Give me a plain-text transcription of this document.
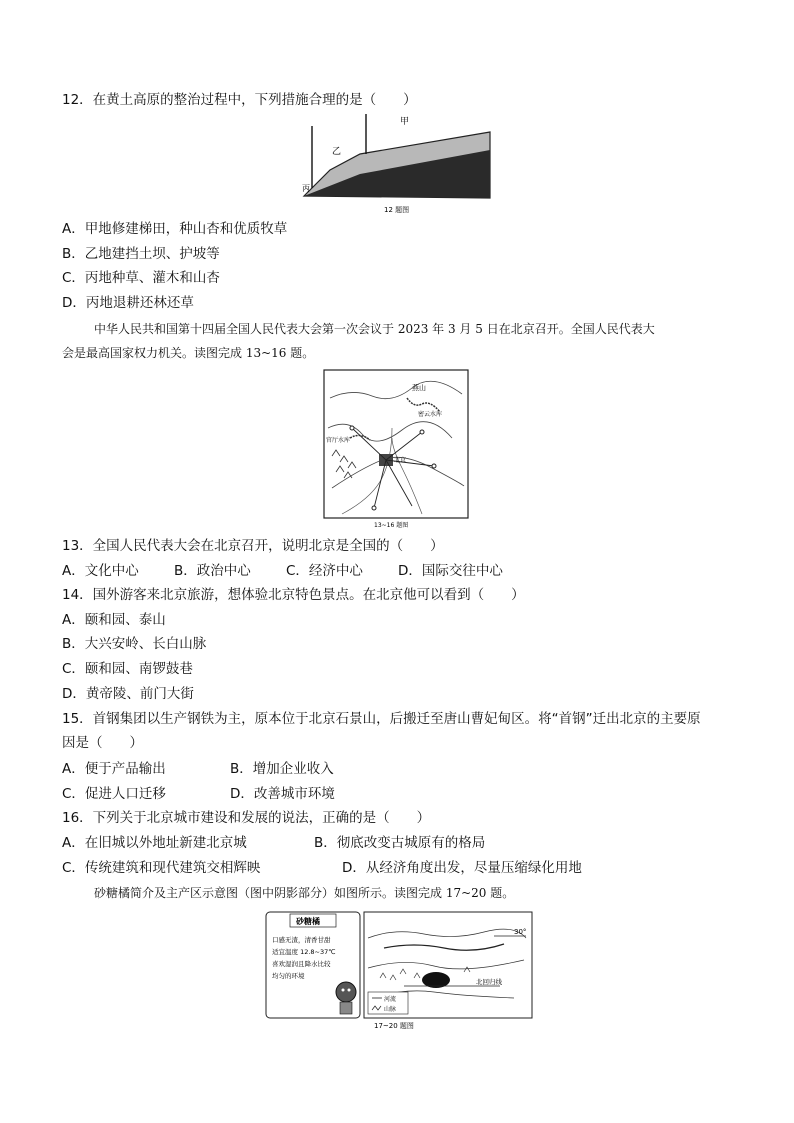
12．在黄土高原的整治过程中，下列措施合理的是（　　）
甲
乙
丙
12 题图
A．甲地修建梯田，种山杏和优质牧草
B．乙地建挡土坝、护坡等
C．丙地种草、灌木和山杏
D．丙地退耕还林还草
中华人民共和国第十四届全国人民代表大会第一次会议于 2023 年 3 月 5 日在北京召开。全国人民代表大
会是最高国家权力机关。读图完成 13~16 题。
燕山
密云水库
官厅水库
北京
13~16 题图
13．全国人民代表大会在北京召开，说明北京是全国的（　　）
A．文化中心	B．政治中心	C．经济中心	D．国际交往中心
14．国外游客来北京旅游，想体验北京特色景点。在北京他可以看到（　　）
A．颐和园、泰山
B．大兴安岭、长白山脉
C．颐和园、南锣鼓巷
D．黄帝陵、前门大街
15．首钢集团以生产钢铁为主，原本位于北京石景山，后搬迁至唐山曹妃甸区。将“首钢”迁出北京的主要原
因是（　　）
A．便于产品输出	B．增加企业收入
C．促进人口迁移	D．改善城市环境
16．下列关于北京城市建设和发展的说法，正确的是（　　）
A．在旧城以外地址新建北京城	B．彻底改变古城原有的格局
C．传统建筑和现代建筑交相辉映	D．从经济角度出发，尽量压缩绿化用地
砂糖橘简介及主产区示意图（图中阴影部分）如图所示。读图完成 17~20 题。
砂糖橘
口感无渣，清香甘甜
适宜温度 12.8~37℃
喜欢湿润且降水比较
均匀的环境
30°
北回归线
河流
山脉
17~20 题图
